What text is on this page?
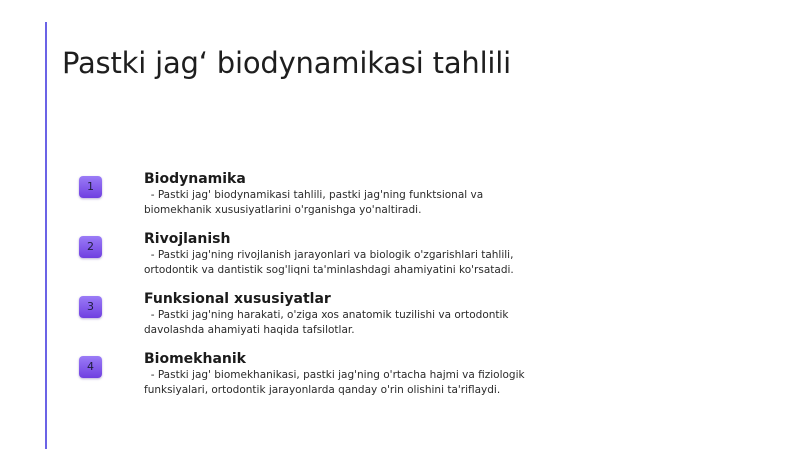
Pastki jag‘ biodynamikasi tahlili
1	Biodynamika
- Pastki jag' biodynamikasi tahlili, pastki jag'ning funktsional va biomekhanik xususiyatlarini o'rganishga yo'naltiradi.
2	Rivojlanish
- Pastki jag'ning rivojlanish jarayonlari va biologik o'zgarishlari tahlili, ortodontik va dantistik sog'liqni ta'minlashdagi ahamiyatini ko'rsatadi.
3	Funksional xususiyatlar
- Pastki jag'ning harakati, o'ziga xos anatomik tuzilishi va ortodontik davolashda ahamiyati haqida tafsilotlar.
4	Biomekhanik
- Pastki jag' biomekhanikasi, pastki jag'ning o'rtacha hajmi va fiziologik funksiyalari, ortodontik jarayonlarda qanday o'rin olishini ta'riflaydi.
